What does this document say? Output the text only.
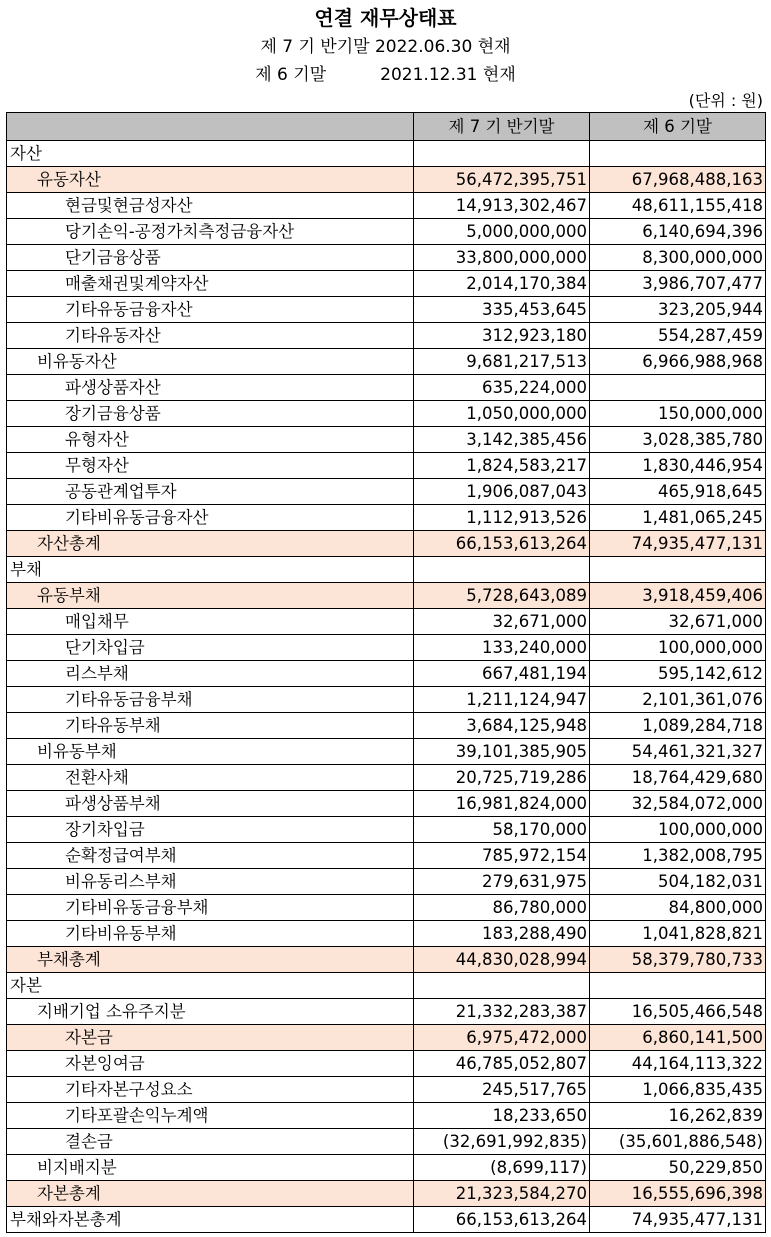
연결 재무상태표
제 7 기 반기말 2022.06.30 현재
제 6 기말          2021.12.31 현재
(단위 : 원)
	제 7 기 반기말	제 6 기말
자산		
유동자산	56,472,395,751	67,968,488,163
현금및현금성자산	14,913,302,467	48,611,155,418
당기손익-공정가치측정금융자산	5,000,000,000	6,140,694,396
단기금융상품	33,800,000,000	8,300,000,000
매출채권및계약자산	2,014,170,384	3,986,707,477
기타유동금융자산	335,453,645	323,205,944
기타유동자산	312,923,180	554,287,459
비유동자산	9,681,217,513	6,966,988,968
파생상품자산	635,224,000	
장기금융상품	1,050,000,000	150,000,000
유형자산	3,142,385,456	3,028,385,780
무형자산	1,824,583,217	1,830,446,954
공동관계업투자	1,906,087,043	465,918,645
기타비유동금융자산	1,112,913,526	1,481,065,245
자산총계	66,153,613,264	74,935,477,131
부채		
유동부채	5,728,643,089	3,918,459,406
매입채무	32,671,000	32,671,000
단기차입금	133,240,000	100,000,000
리스부채	667,481,194	595,142,612
기타유동금융부채	1,211,124,947	2,101,361,076
기타유동부채	3,684,125,948	1,089,284,718
비유동부채	39,101,385,905	54,461,321,327
전환사채	20,725,719,286	18,764,429,680
파생상품부채	16,981,824,000	32,584,072,000
장기차입금	58,170,000	100,000,000
순확정급여부채	785,972,154	1,382,008,795
비유동리스부채	279,631,975	504,182,031
기타비유동금융부채	86,780,000	84,800,000
기타비유동부채	183,288,490	1,041,828,821
부채총계	44,830,028,994	58,379,780,733
자본		
지배기업 소유주지분	21,332,283,387	16,505,466,548
자본금	6,975,472,000	6,860,141,500
자본잉여금	46,785,052,807	44,164,113,322
기타자본구성요소	245,517,765	1,066,835,435
기타포괄손익누계액	18,233,650	16,262,839
결손금	(32,691,992,835)	(35,601,886,548)
비지배지분	(8,699,117)	50,229,850
자본총계	21,323,584,270	16,555,696,398
부채와자본총계	66,153,613,264	74,935,477,131
